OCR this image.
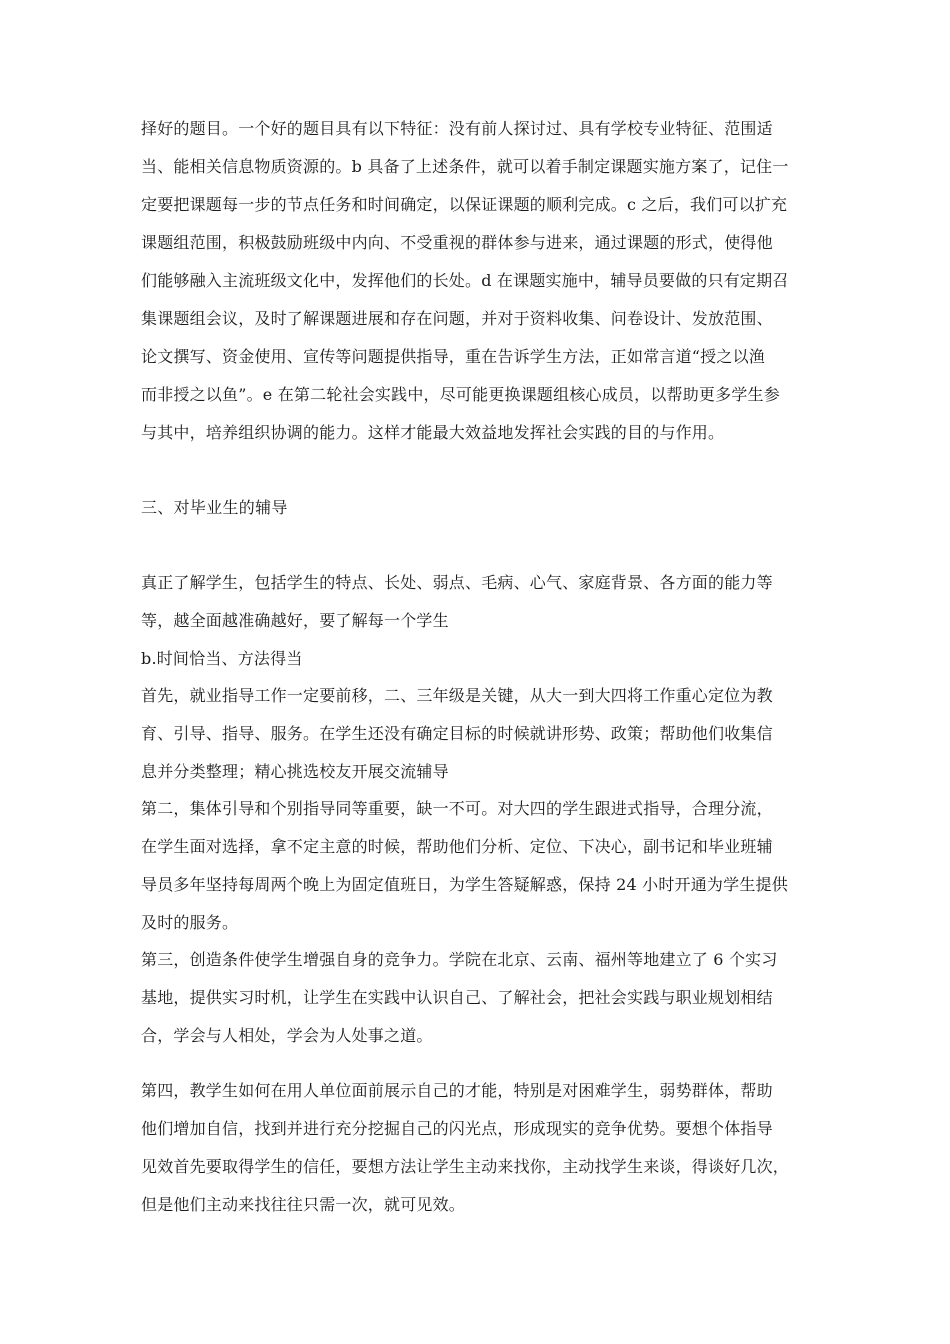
择好的题目。一个好的题目具有以下特征：没有前人探讨过、具有学校专业特征、范围适
当、能相关信息物质资源的。b 具备了上述条件，就可以着手制定课题实施方案了，记住一
定要把课题每一步的节点任务和时间确定，以保证课题的顺利完成。c 之后，我们可以扩充
课题组范围，积极鼓励班级中内向、不受重视的群体参与进来，通过课题的形式，使得他
们能够融入主流班级文化中，发挥他们的长处。d 在课题实施中，辅导员要做的只有定期召
集课题组会议，及时了解课题进展和存在问题，并对于资料收集、问卷设计、发放范围、
论文撰写、资金使用、宣传等问题提供指导，重在告诉学生方法，正如常言道“授之以渔
而非授之以鱼”。e 在第二轮社会实践中，尽可能更换课题组核心成员，以帮助更多学生参
与其中，培养组织协调的能力。这样才能最大效益地发挥社会实践的目的与作用。
三、对毕业生的辅导
真正了解学生，包括学生的特点、长处、弱点、毛病、心气、家庭背景、各方面的能力等
等，越全面越准确越好，要了解每一个学生
b.时间恰当、方法得当
首先，就业指导工作一定要前移，二、三年级是关键，从大一到大四将工作重心定位为教
育、引导、指导、服务。在学生还没有确定目标的时候就讲形势、政策；帮助他们收集信
息并分类整理；精心挑选校友开展交流辅导
第二，集体引导和个别指导同等重要，缺一不可。对大四的学生跟进式指导，合理分流，
在学生面对选择，拿不定主意的时候，帮助他们分析、定位、下决心，副书记和毕业班辅
导员多年坚持每周两个晚上为固定值班日，为学生答疑解惑，保持 24 小时开通为学生提供
及时的服务。
第三，创造条件使学生增强自身的竞争力。学院在北京、云南、福州等地建立了 6 个实习
基地，提供实习时机，让学生在实践中认识自己、了解社会，把社会实践与职业规划相结
合，学会与人相处，学会为人处事之道。
第四，教学生如何在用人单位面前展示自己的才能，特别是对困难学生，弱势群体，帮助
他们增加自信，找到并进行充分挖掘自己的闪光点，形成现实的竞争优势。要想个体指导
见效首先要取得学生的信任，要想方法让学生主动来找你，主动找学生来谈，得谈好几次，
但是他们主动来找往往只需一次，就可见效。
